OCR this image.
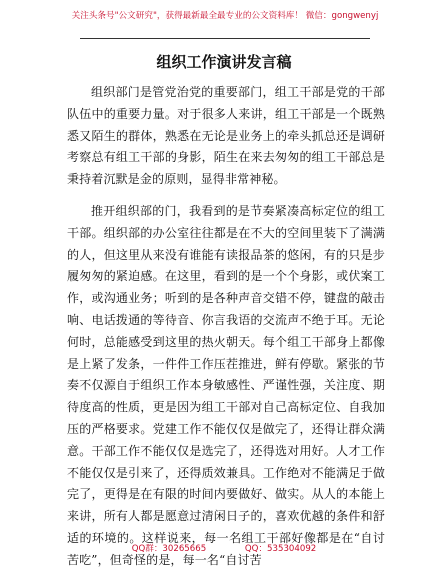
关注头条号"公文研究"，获得最新最全最专业的公文资料库！ 微信：gongwenyj
组织工作演讲发言稿

组织部门是管党治党的重要部门，组工干部是党的干部队伍中的重要力量。对于很多人来讲，组工干部是一个既熟悉又陌生的群体，熟悉在无论是业务上的牵头抓总还是调研考察总有组工干部的身影，陌生在来去匆匆的组工干部总是秉持着沉默是金的原则，显得非常神秘。

推开组织部的门，我看到的是节奏紧凑高标定位的组工干部。组织部的办公室往往都是在不大的空间里装下了满满的人，但这里从来没有谁能有读报品茶的悠闲，有的只是步履匆匆的紧迫感。在这里，看到的是一个个身影，或伏案工作，或沟通业务；听到的是各种声音交错不停，键盘的敲击响、电话拨通的等待音、你言我语的交流声不绝于耳。无论何时，总能感受到这里的热火朝天。每个组工干部身上都像是上紧了发条，一件件工作压茬推进，鲜有停歇。紧张的节奏不仅源自于组织工作本身敏感性、严谨性强，关注度、期待度高的性质，更是因为组工干部对自己高标定位、自我加压的严格要求。党建工作不能仅仅是做完了，还得让群众满意。干部工作不能仅仅是选完了，还得选对用好。人才工作不能仅仅是引来了，还得质效兼具。工作绝对不能满足于做完了，更得是在有限的时间内要做好、做实。从人的本能上来讲，所有人都是愿意过清闲日子的，喜欢优越的条件和舒适的环境的。这样说来，每一名组工干部好像都是在“自讨苦吃”，但奇怪的是，每一名“自讨苦

QQ群：30265665	QQ：535304092
